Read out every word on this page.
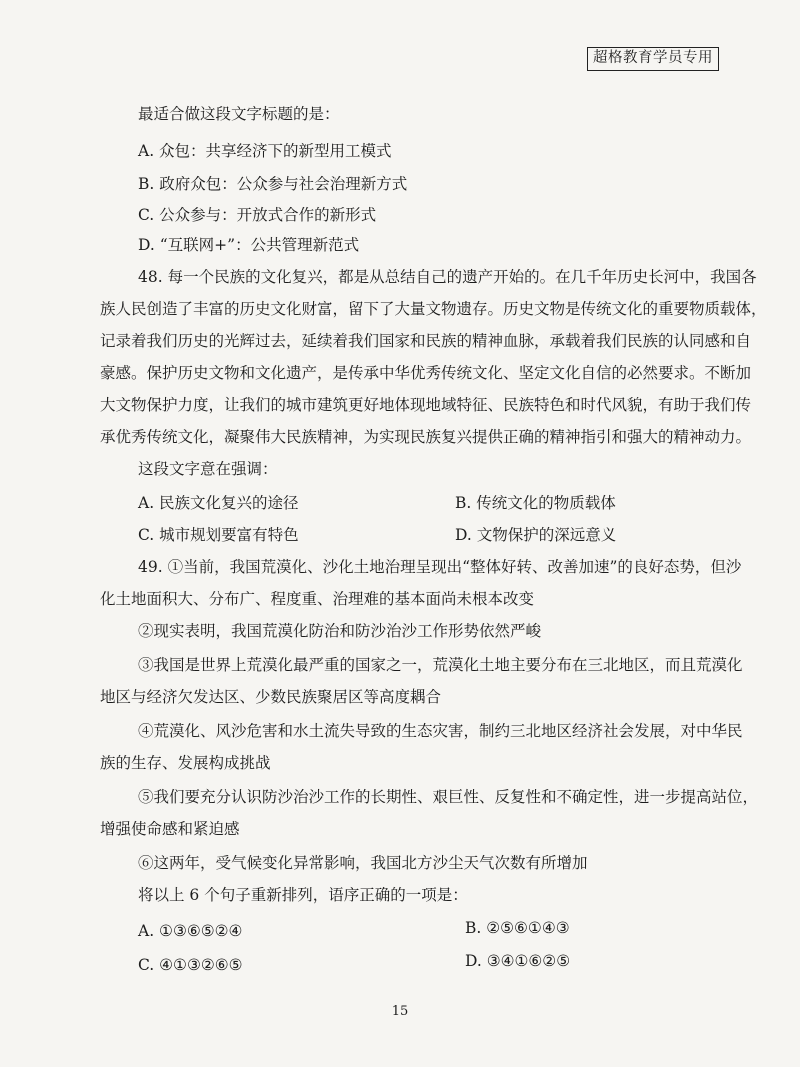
超格教育学员专用
最适合做这段文字标题的是：
A. 众包：共享经济下的新型用工模式
B. 政府众包：公众参与社会治理新方式
C. 公众参与：开放式合作的新形式
D. “互联网+”：公共管理新范式
48. 每一个民族的文化复兴，都是从总结自己的遗产开始的。在几千年历史长河中，我国各
族人民创造了丰富的历史文化财富，留下了大量文物遗存。历史文物是传统文化的重要物质载体，
记录着我们历史的光辉过去，延续着我们国家和民族的精神血脉，承载着我们民族的认同感和自
豪感。保护历史文物和文化遗产，是传承中华优秀传统文化、坚定文化自信的必然要求。不断加
大文物保护力度，让我们的城市建筑更好地体现地域特征、民族特色和时代风貌，有助于我们传
承优秀传统文化，凝聚伟大民族精神，为实现民族复兴提供正确的精神指引和强大的精神动力。
这段文字意在强调：
A. 民族文化复兴的途径	B. 传统文化的物质载体
C. 城市规划要富有特色	D. 文物保护的深远意义
49. ①当前，我国荒漠化、沙化土地治理呈现出“整体好转、改善加速”的良好态势，但沙
化土地面积大、分布广、程度重、治理难的基本面尚未根本改变
②现实表明，我国荒漠化防治和防沙治沙工作形势依然严峻
③我国是世界上荒漠化最严重的国家之一，荒漠化土地主要分布在三北地区，而且荒漠化
地区与经济欠发达区、少数民族聚居区等高度耦合
④荒漠化、风沙危害和水土流失导致的生态灾害，制约三北地区经济社会发展，对中华民
族的生存、发展构成挑战
⑤我们要充分认识防沙治沙工作的长期性、艰巨性、反复性和不确定性，进一步提高站位，
增强使命感和紧迫感
⑥这两年，受气候变化异常影响，我国北方沙尘天气次数有所增加
将以上 6 个句子重新排列，语序正确的一项是：
A. ①③⑥⑤②④	B. ②⑤⑥①④③
C. ④①③②⑥⑤	D. ③④①⑥②⑤
15
